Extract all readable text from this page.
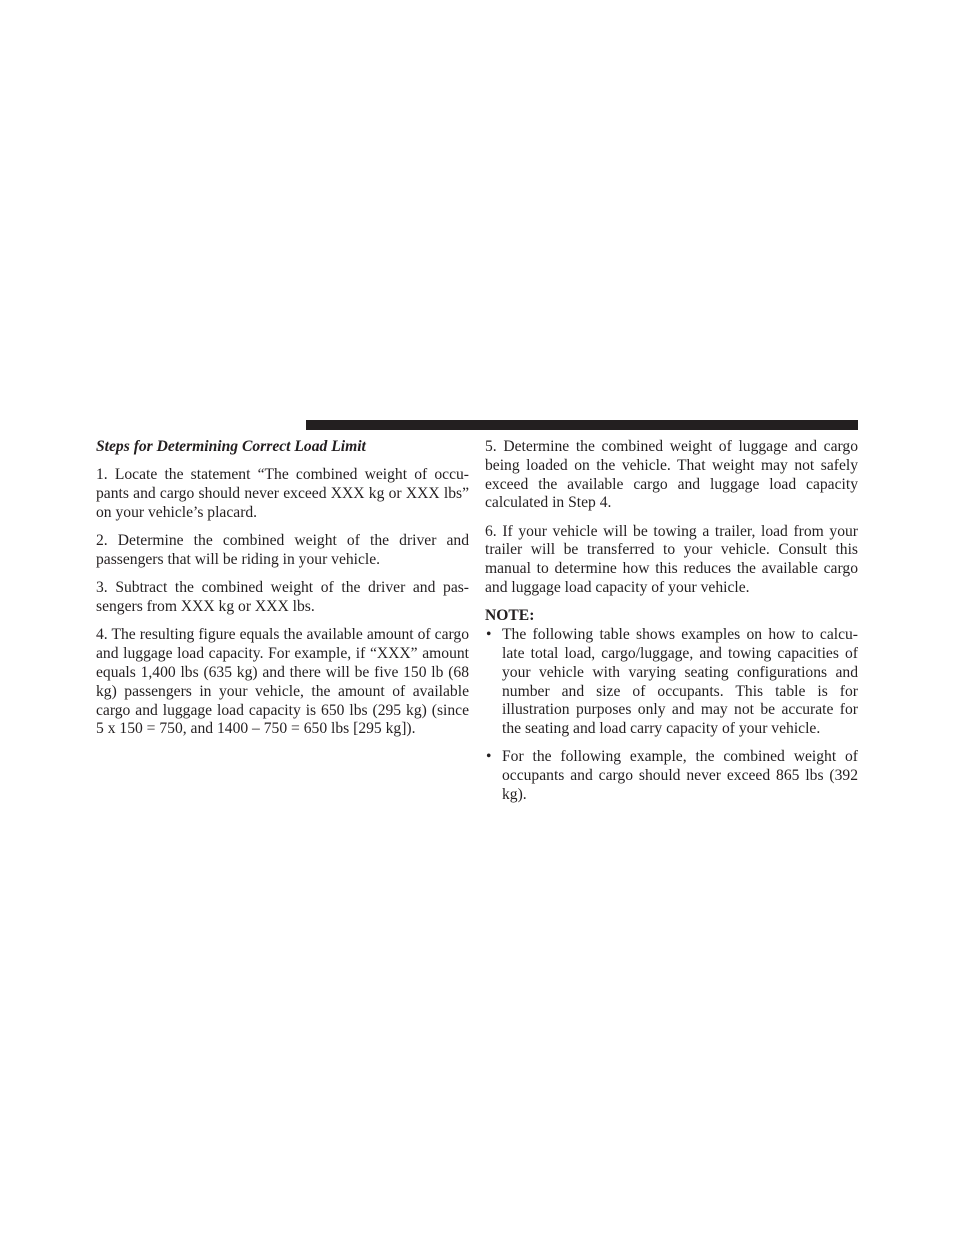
Steps for Determining Correct Load Limit

1. Locate the statement “The combined weight of occu-pants and cargo should never exceed XXX kg or XXX lbs” on your vehicle’s placard.

2. Determine the combined weight of the driver and passengers that will be riding in your vehicle.

3. Subtract the combined weight of the driver and pas-sengers from XXX kg or XXX lbs.

4. The resulting figure equals the available amount of cargo and luggage load capacity. For example, if “XXX” amount equals 1,400 lbs (635 kg) and there will be five 150 lb (68 kg) passengers in your vehicle, the amount of available cargo and luggage load capacity is 650 lbs (295 kg) (since 5 x 150 = 750, and 1400 – 750 = 650 lbs [295 kg]).

5. Determine the combined weight of luggage and cargo being loaded on the vehicle. That weight may not safely exceed the available cargo and luggage load capacity calculated in Step 4.

6. If your vehicle will be towing a trailer, load from your trailer will be transferred to your vehicle. Consult this manual to determine how this reduces the available cargo and luggage load capacity of your vehicle.

NOTE:

• The following table shows examples on how to calcu-late total load, cargo/luggage, and towing capacities of your vehicle with varying seating configurations and number and size of occupants. This table is for illustration purposes only and may not be accurate for the seating and load carry capacity of your vehicle.
• For the following example, the combined weight of occupants and cargo should never exceed 865 lbs (392 kg).
